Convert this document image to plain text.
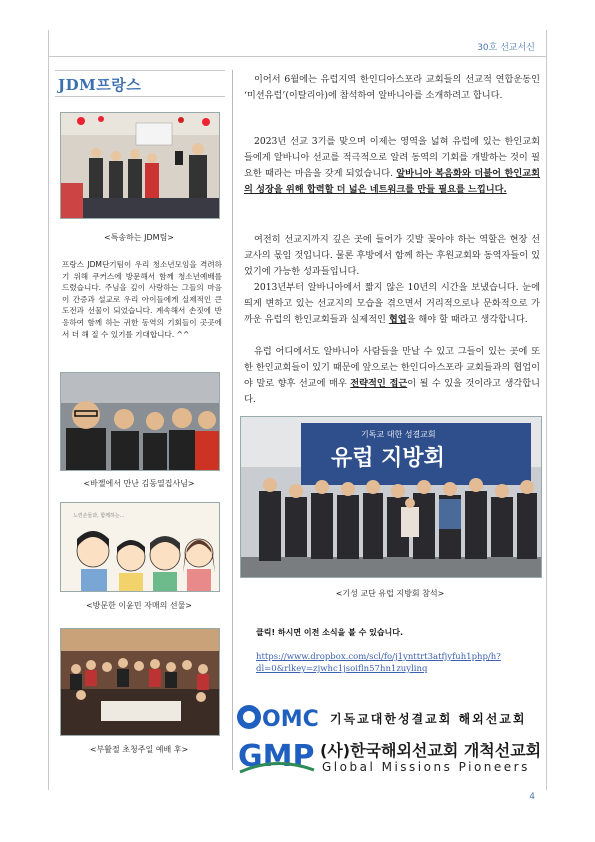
30호 선교서신
JDM프랑스
<특송하는 JDM팀>
프랑스 JDM단기팀이 우리 청소년모임을 격려하기 위해 쿠커스에 방문해서 함께 청소년예배를 드렸습니다. 주님을 깊이 사랑하는 그들의 마음이 간증과 설교로 우리 아이들에게 실제적인 큰 도전과 선물이 되었습니다. 계속해서 손짓에 반응하여 함께 하는 귀한 동역의 기회들이 곳곳에서 더 해 질 수 있기를 기대합니다. ^^
<바젤에서 만난 김동열집사님>
느린손들과, 함께하는...
<방문한 이윤민 자매의 선물>
<부활절 초청주일 예배 후>

이어서 6월에는 유럽지역 한인디아스포라 교회들의 선교적 연합운동인 ‘미션유럽’(이탈리아)에 참석하여 알바니아를 소개하려고 합니다.

2023년 선교 3기를 맞으며 이제는 영역을 넓혀 유럽에 있는 한인교회들에게 알바니아 선교를 적극적으로 알려 동역의 기회를 개발하는 것이 필요한 때라는 마음을 갖게 되었습니다. 알바니아 복음화와 더불어 한인교회의 성장을 위해 합력할 더 넓은 네트워크를 만들 필요를 느낍니다.

여전히 선교지까지 깊은 곳에 들어가 깃발 꽂아야 하는 역할은 현장 선교사의 몫임 것입니다. 물론 후방에서 함께 하는 후원교회와 동역자들이 있었기에 가능한 성과들입니다.

2013년부터 알바니아에서 짧지 않은 10년의 시간을 보냈습니다. 눈에 띄게 변하고 있는 선교지의 모습을 겪으면서 거리적으로나 문화적으로 가까운 유럽의 한인교회들과 실제적인 협업을 해야 할 때라고 생각합니다.

유럽 어디에서도 알바니아 사람들을 만날 수 있고 그들이 있는 곳에 또한 한인교회들이 있기 때문에 앞으로는 한인디아스포라 교회들과의 협업이야 말로 향후 선교에 매우 전략적인 접근이 될 수 있을 것이라고 생각합니다.

기독교 대한 성결교회
유럽 지방회
<기성 교단 유럽 지방회 참석>
클릭! 하시면 이전 소식을 볼 수 있습니다.
https://www.dropbox.com/scl/fo/j1ynttrt3atfjyfuh1php/h?dl=0&rlkey=zjwhc1jsoifln57hn1zuylinq
OMC 기독교대한성결교회 해외선교회
GMP (사)한국해외선교회 개척선교회
Global Missions Pioneers
4
